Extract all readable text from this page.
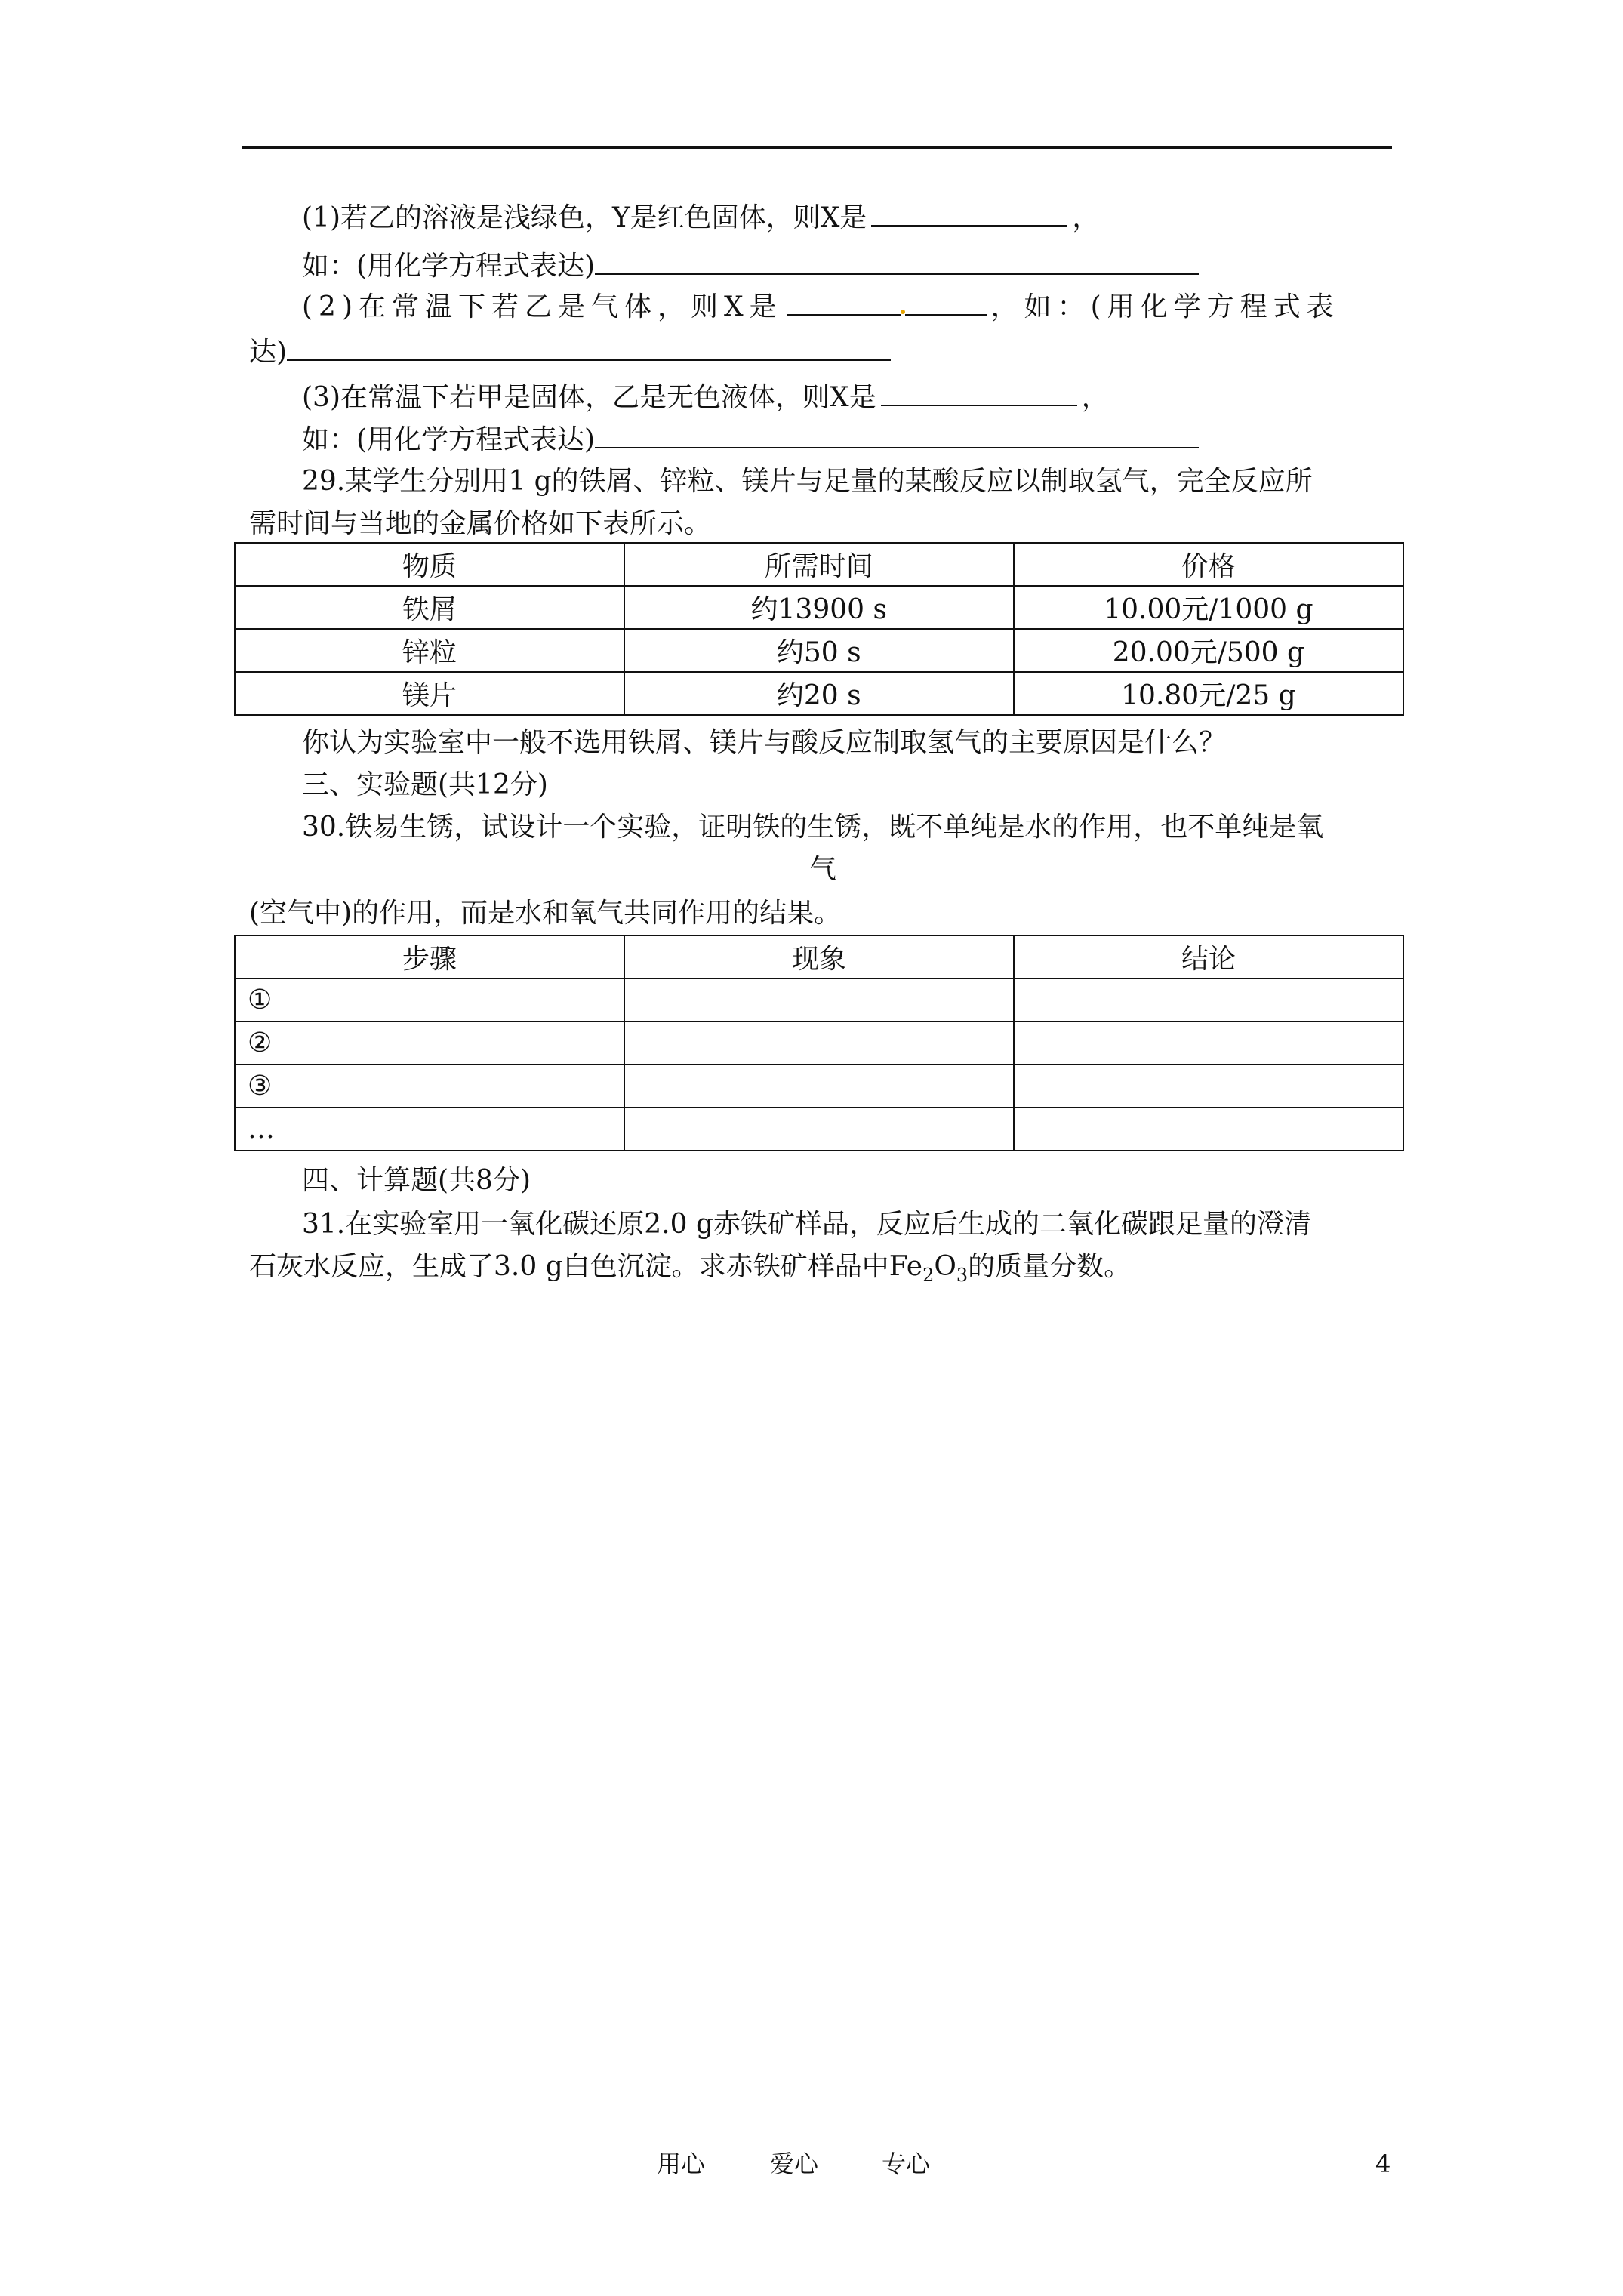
(1)若乙的溶液是浅绿色，Y是红色固体，则X是	，
如：(用化学方程式表达)
(2)在常温下若乙是气体，则X是	，如：(用化学方程式表
达)
(3)在常温下若甲是固体，乙是无色液体，则X是	，
如：(用化学方程式表达)
29.某学生分别用1 g的铁屑、锌粒、镁片与足量的某酸反应以制取氢气，完全反应所
需时间与当地的金属价格如下表所示。
物质	所需时间	价格
铁屑	约13900 s	10.00元/1000 g
锌粒	约50 s	20.00元/500 g
镁片	约20 s	10.80元/25 g
你认为实验室中一般不选用铁屑、镁片与酸反应制取氢气的主要原因是什么？
三、实验题(共12分)
30.铁易生锈，试设计一个实验，证明铁的生锈，既不单纯是水的作用，也不单纯是氧
气
(空气中)的作用，而是水和氧气共同作用的结果。
步骤	现象	结论
①		
②		
③		
…		
四、计算题(共8分)
31.在实验室用一氧化碳还原2.0 g赤铁矿样品，反应后生成的二氧化碳跟足量的澄清
石灰水反应，生成了3.0 g白色沉淀。求赤铁矿样品中$Fe_2O_3$的质量分数。
用心	爱心	专心	4
